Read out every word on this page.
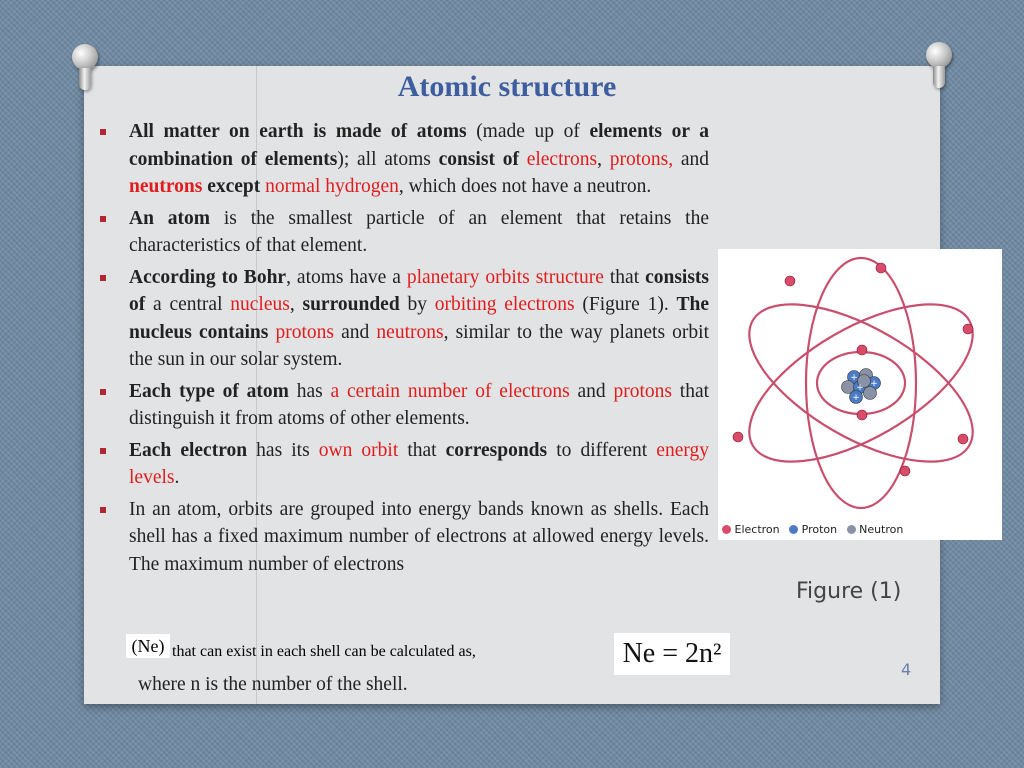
Atomic structure
All matter on earth is made of atoms (made up of elements or a combination of elements); all atoms consist of electrons, protons, and neutrons except normal hydrogen, which does not have a neutron.
An atom is the smallest particle of an element that retains the characteristics of that element.
According to Bohr, atoms have a planetary orbits structure that consists of a central nucleus, surrounded by orbiting electrons (Figure 1). The nucleus contains protons and neutrons, similar to the way planets orbit the sun in our solar system.
Each type of atom has a certain number of electrons and protons that distinguish it from atoms of other elements.
Each electron has its own orbit that corresponds to different energy levels.
In an atom, orbits are grouped into energy bands known as shells. Each shell has a fixed maximum number of electrons at allowed energy levels. The maximum number of electrons
(Ne) that can exist in each shell can be calculated as,	Ne = 2n²
where n is the number of the shell.
+
+
+
+
Electron Proton Neutron
Figure (1)
4
